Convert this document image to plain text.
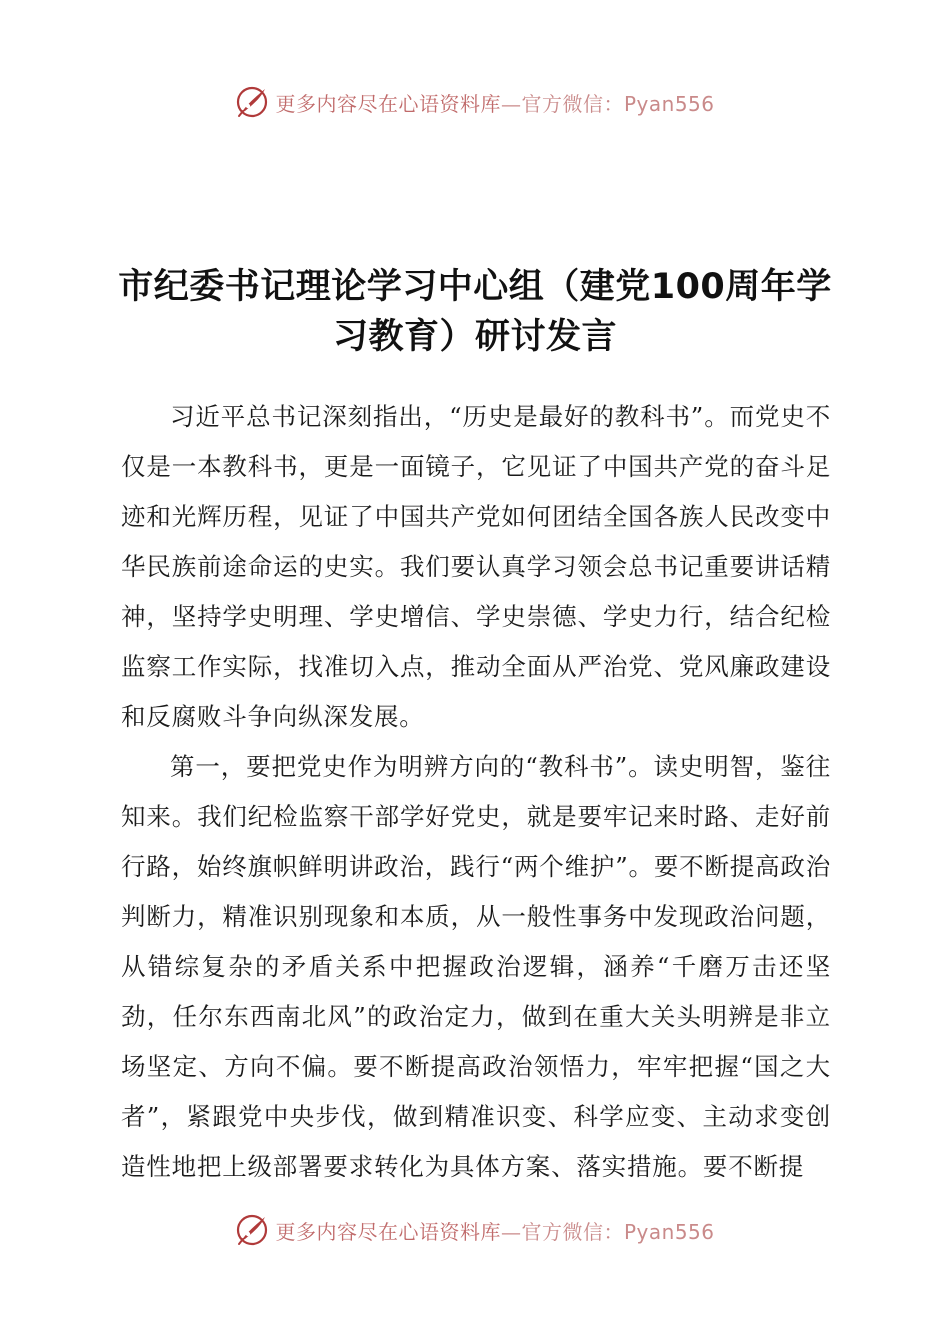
更多内容尽在心语资料库—官方微信：Pyan556
市纪委书记理论学习中心组（建党100周年学习教育）研讨发言

习近平总书记深刻指出，“历史是最好的教科书”。而党史不仅是一本教科书，更是一面镜子，它见证了中国共产党的奋斗足迹和光辉历程，见证了中国共产党如何团结全国各族人民改变中华民族前途命运的史实。我们要认真学习领会总书记重要讲话精神，坚持学史明理、学史增信、学史崇德、学史力行，结合纪检监察工作实际，找准切入点，推动全面从严治党、党风廉政建设和反腐败斗争向纵深发展。

第一，要把党史作为明辨方向的“教科书”。读史明智，鉴往知来。我们纪检监察干部学好党史，就是要牢记来时路、走好前行路，始终旗帜鲜明讲政治，践行“两个维护”。要不断提高政治判断力，精准识别现象和本质，从一般性事务中发现政治问题，从错综复杂的矛盾关系中把握政治逻辑，涵养“千磨万击还坚劲，任尔东西南北风”的政治定力，做到在重大关头明辨是非立场坚定、方向不偏。要不断提高政治领悟力，牢牢把握“国之大者”，紧跟党中央步伐，做到精准识变、科学应变、主动求变创造性地把上级部署要求转化为具体方案、落实措施。要不断提

更多内容尽在心语资料库—官方微信：Pyan556
